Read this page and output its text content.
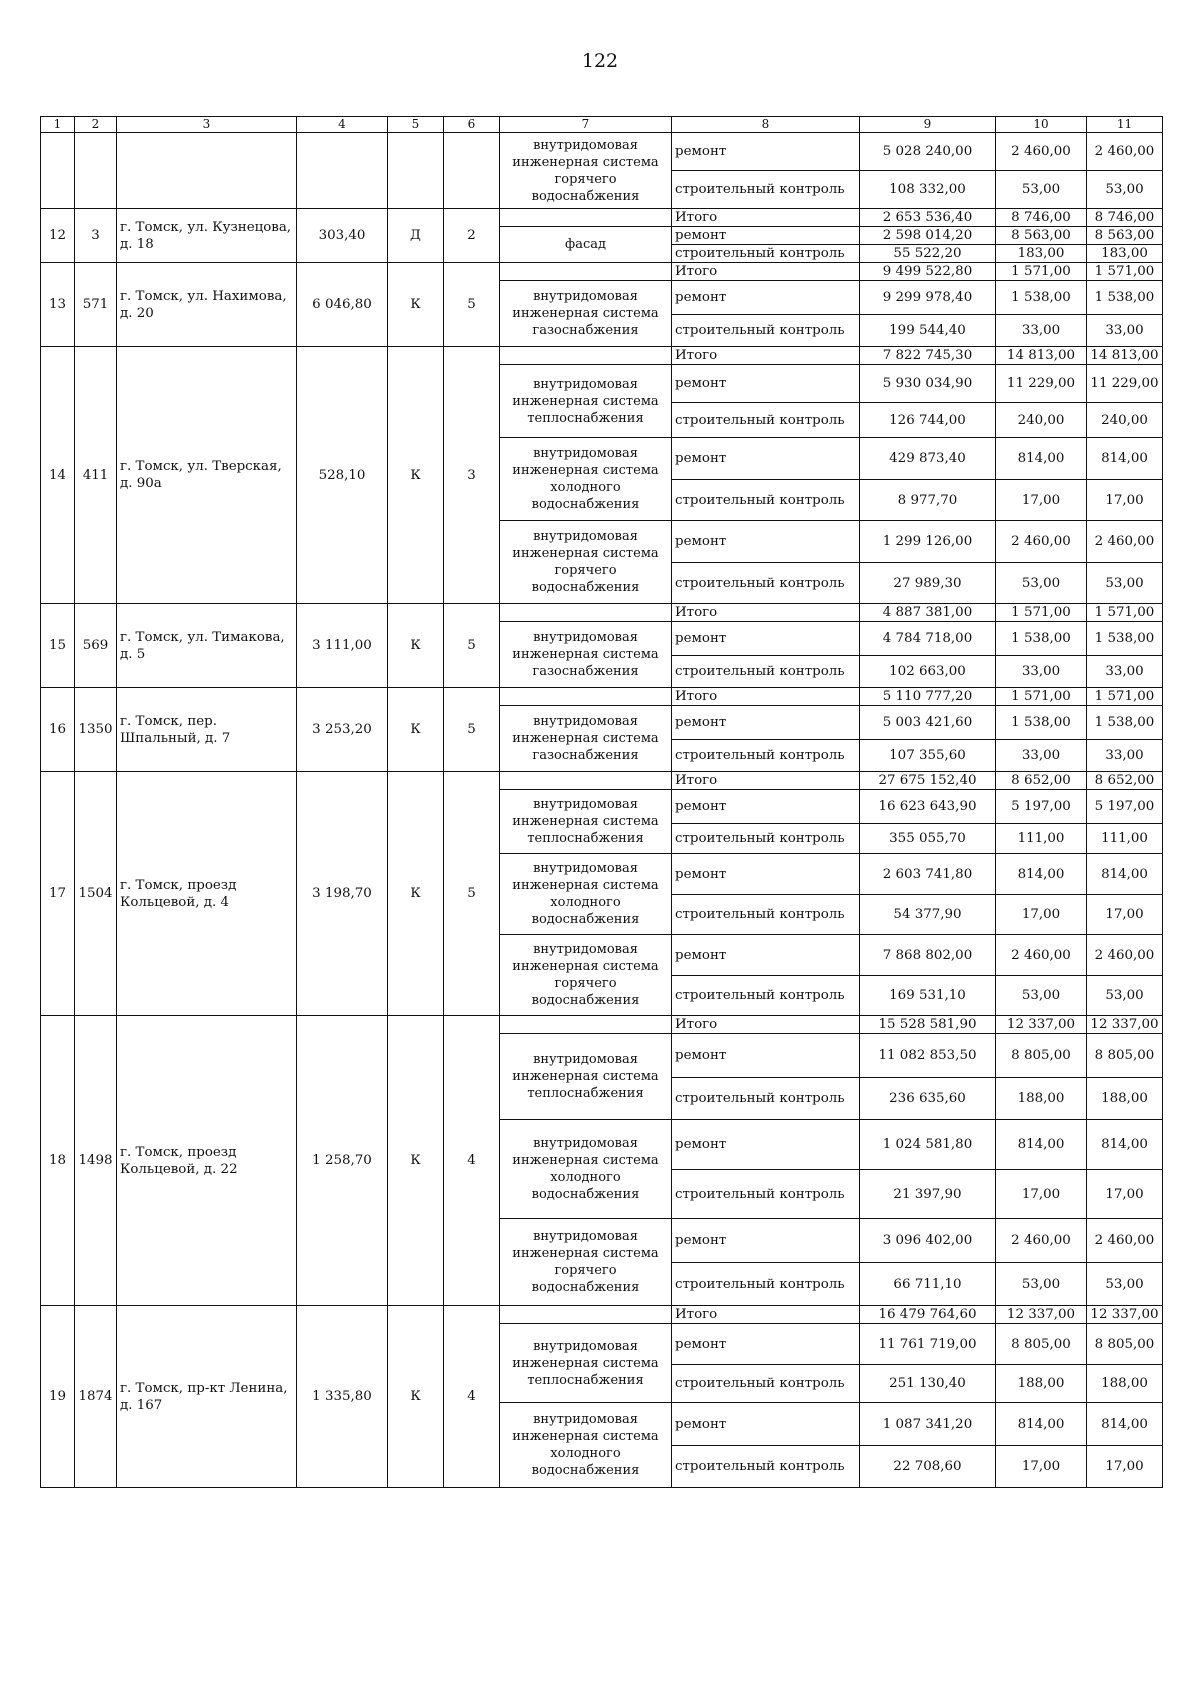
122
1	2	3	4	5	6	7	8	9	10	11
						внутридомовая инженерная система горячего водоснабжения	ремонт	5 028 240,00	2 460,00	2 460,00
							строительный контроль	108 332,00	53,00	53,00
12	3	г. Томск, ул. Кузнецова, д. 18	303,40	Д	2		Итого	2 653 536,40	8 746,00	8 746,00
						фасад	ремонт	2 598 014,20	8 563,00	8 563,00
							строительный контроль	55 522,20	183,00	183,00
13	571	г. Томск, ул. Нахимова, д. 20	6 046,80	К	5		Итого	9 499 522,80	1 571,00	1 571,00
						внутридомовая инженерная система газоснабжения	ремонт	9 299 978,40	1 538,00	1 538,00
							строительный контроль	199 544,40	33,00	33,00
14	411	г. Томск, ул. Тверская, д. 90а	528,10	К	3		Итого	7 822 745,30	14 813,00	14 813,00
						внутридомовая инженерная система теплоснабжения	ремонт	5 930 034,90	11 229,00	11 229,00
							строительный контроль	126 744,00	240,00	240,00
						внутридомовая инженерная система холодного водоснабжения	ремонт	429 873,40	814,00	814,00
							строительный контроль	8 977,70	17,00	17,00
						внутридомовая инженерная система горячего водоснабжения	ремонт	1 299 126,00	2 460,00	2 460,00
							строительный контроль	27 989,30	53,00	53,00
15	569	г. Томск, ул. Тимакова, д. 5	3 111,00	К	5		Итого	4 887 381,00	1 571,00	1 571,00
						внутридомовая инженерная система газоснабжения	ремонт	4 784 718,00	1 538,00	1 538,00
							строительный контроль	102 663,00	33,00	33,00
16	1350	г. Томск, пер. Шпальный, д. 7	3 253,20	К	5		Итого	5 110 777,20	1 571,00	1 571,00
						внутридомовая инженерная система газоснабжения	ремонт	5 003 421,60	1 538,00	1 538,00
							строительный контроль	107 355,60	33,00	33,00
17	1504	г. Томск, проезд Кольцевой, д. 4	3 198,70	К	5		Итого	27 675 152,40	8 652,00	8 652,00
						внутридомовая инженерная система теплоснабжения	ремонт	16 623 643,90	5 197,00	5 197,00
							строительный контроль	355 055,70	111,00	111,00
						внутридомовая инженерная система холодного водоснабжения	ремонт	2 603 741,80	814,00	814,00
							строительный контроль	54 377,90	17,00	17,00
						внутридомовая инженерная система горячего водоснабжения	ремонт	7 868 802,00	2 460,00	2 460,00
							строительный контроль	169 531,10	53,00	53,00
18	1498	г. Томск, проезд Кольцевой, д. 22	1 258,70	К	4		Итого	15 528 581,90	12 337,00	12 337,00
						внутридомовая инженерная система теплоснабжения	ремонт	11 082 853,50	8 805,00	8 805,00
							строительный контроль	236 635,60	188,00	188,00
						внутридомовая инженерная система холодного водоснабжения	ремонт	1 024 581,80	814,00	814,00
							строительный контроль	21 397,90	17,00	17,00
						внутридомовая инженерная система горячего водоснабжения	ремонт	3 096 402,00	2 460,00	2 460,00
							строительный контроль	66 711,10	53,00	53,00
19	1874	г. Томск, пр-кт Ленина, д. 167	1 335,80	К	4		Итого	16 479 764,60	12 337,00	12 337,00
						внутридомовая инженерная система теплоснабжения	ремонт	11 761 719,00	8 805,00	8 805,00
							строительный контроль	251 130,40	188,00	188,00
						внутридомовая инженерная система холодного водоснабжения	ремонт	1 087 341,20	814,00	814,00
							строительный контроль	22 708,60	17,00	17,00
